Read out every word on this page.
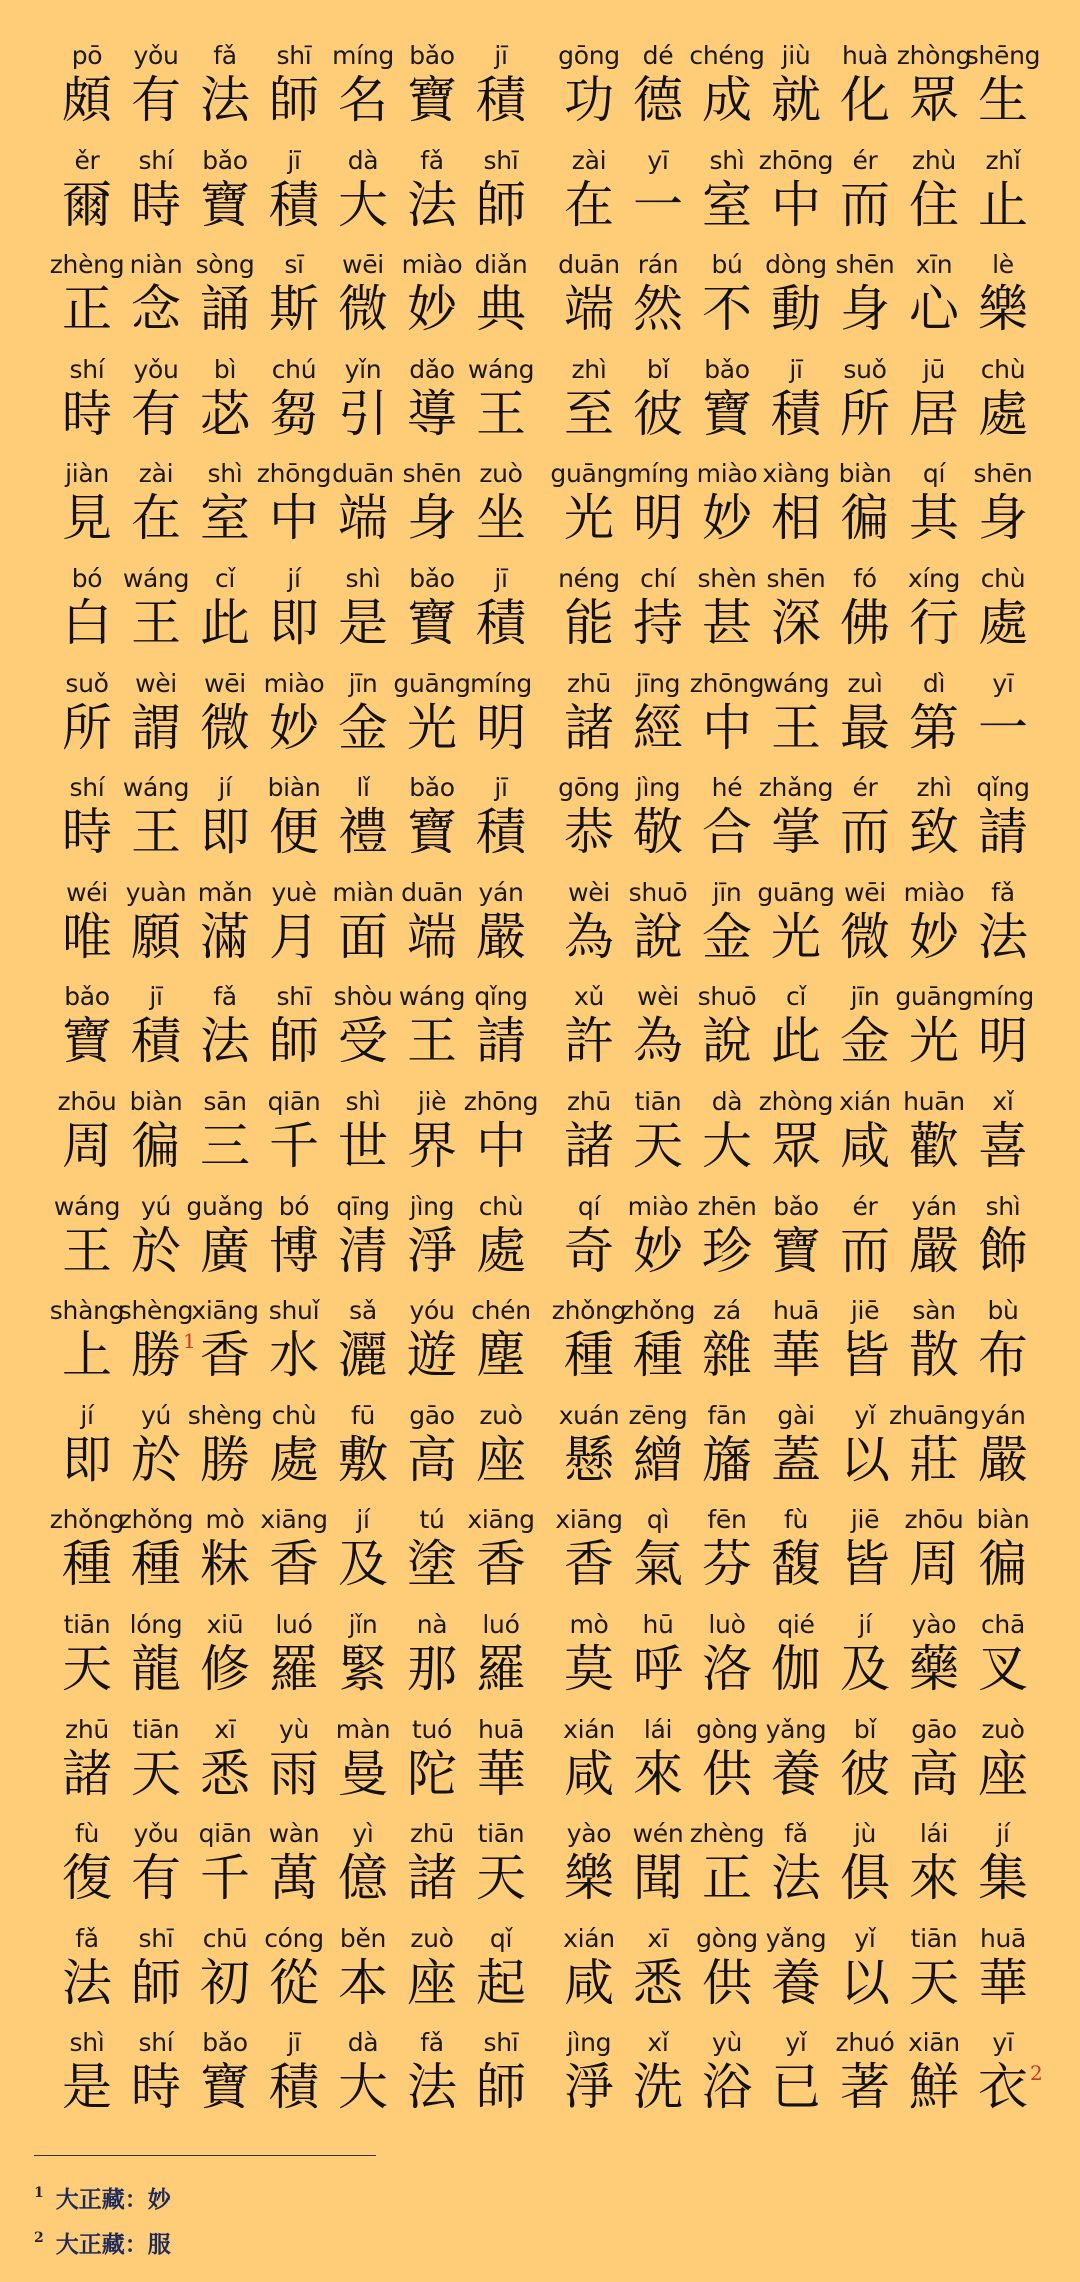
pō
頗
yǒu
有
fǎ
法
shī
師
míng
名
bǎo
寶
jī
積
gōng
功
dé
德
chéng
成
jiù
就
huà
化
zhòng
眾
shēng
生
ěr
爾
shí
時
bǎo
寶
jī
積
dà
大
fǎ
法
shī
師
zài
在
yī
一
shì
室
zhōng
中
ér
而
zhù
住
zhǐ
止
zhèng
正
niàn
念
sòng
誦
sī
斯
wēi
微
miào
妙
diǎn
典
duān
端
rán
然
bú
不
dòng
動
shēn
身
xīn
心
lè
樂
shí
時
yǒu
有
bì
苾
chú
芻
yǐn
引
dǎo
導
wáng
王
zhì
至
bǐ
彼
bǎo
寶
jī
積
suǒ
所
jū
居
chù
處
jiàn
見
zài
在
shì
室
zhōng
中
duān
端
shēn
身
zuò
坐
guāng
光
míng
明
miào
妙
xiàng
相
biàn
徧
qí
其
shēn
身
bó
白
wáng
王
cǐ
此
jí
即
shì
是
bǎo
寶
jī
積
néng
能
chí
持
shèn
甚
shēn
深
fó
佛
xíng
行
chù
處
suǒ
所
wèi
謂
wēi
微
miào
妙
jīn
金
guāng
光
míng
明
zhū
諸
jīng
經
zhōng
中
wáng
王
zuì
最
dì
第
yī
一
shí
時
wáng
王
jí
即
biàn
便
lǐ
禮
bǎo
寶
jī
積
gōng
恭
jìng
敬
hé
合
zhǎng
掌
ér
而
zhì
致
qǐng
請
wéi
唯
yuàn
願
mǎn
滿
yuè
月
miàn
面
duān
端
yán
嚴
wèi
為
shuō
說
jīn
金
guāng
光
wēi
微
miào
妙
fǎ
法
bǎo
寶
jī
積
fǎ
法
shī
師
shòu
受
wáng
王
qǐng
請
xǔ
許
wèi
為
shuō
說
cǐ
此
jīn
金
guāng
光
míng
明
zhōu
周
biàn
徧
sān
三
qiān
千
shì
世
jiè
界
zhōng
中
zhū
諸
tiān
天
dà
大
zhòng
眾
xián
咸
huān
歡
xǐ
喜
wáng
王
yú
於
guǎng
廣
bó
博
qīng
清
jìng
淨
chù
處
qí
奇
miào
妙
zhēn
珍
bǎo
寶
ér
而
yán
嚴
shì
飾
shàng
上
shèng
勝
xiāng
香
shuǐ
水
sǎ
灑
yóu
遊
chén
塵
1
zhǒng
種
zhǒng
種
zá
雜
huā
華
jiē
皆
sàn
散
bù
布
jí
即
yú
於
shèng
勝
chù
處
fū
敷
gāo
高
zuò
座
xuán
懸
zēng
繒
fān
旛
gài
蓋
yǐ
以
zhuāng
莊
yán
嚴
zhǒng
種
zhǒng
種
mò
粖
xiāng
香
jí
及
tú
塗
xiāng
香
xiāng
香
qì
氣
fēn
芬
fù
馥
jiē
皆
zhōu
周
biàn
徧
tiān
天
lóng
龍
xiū
修
luó
羅
jǐn
緊
nà
那
luó
羅
mò
莫
hū
呼
luò
洛
qié
伽
jí
及
yào
藥
chā
叉
zhū
諸
tiān
天
xī
悉
yù
雨
màn
曼
tuó
陀
huā
華
xián
咸
lái
來
gòng
供
yǎng
養
bǐ
彼
gāo
高
zuò
座
fù
復
yǒu
有
qiān
千
wàn
萬
yì
億
zhū
諸
tiān
天
yào
樂
wén
聞
zhèng
正
fǎ
法
jù
俱
lái
來
jí
集
fǎ
法
shī
師
chū
初
cóng
從
běn
本
zuò
座
qǐ
起
xián
咸
xī
悉
gòng
供
yǎng
養
yǐ
以
tiān
天
huā
華
shì
是
shí
時
bǎo
寶
jī
積
dà
大
fǎ
法
shī
師
jìng
淨
xǐ
洗
yù
浴
yǐ
已
zhuó
著
xiān
鮮
yī
衣 2
$^1$ 大正藏：妙
$^2$ 大正藏：服
